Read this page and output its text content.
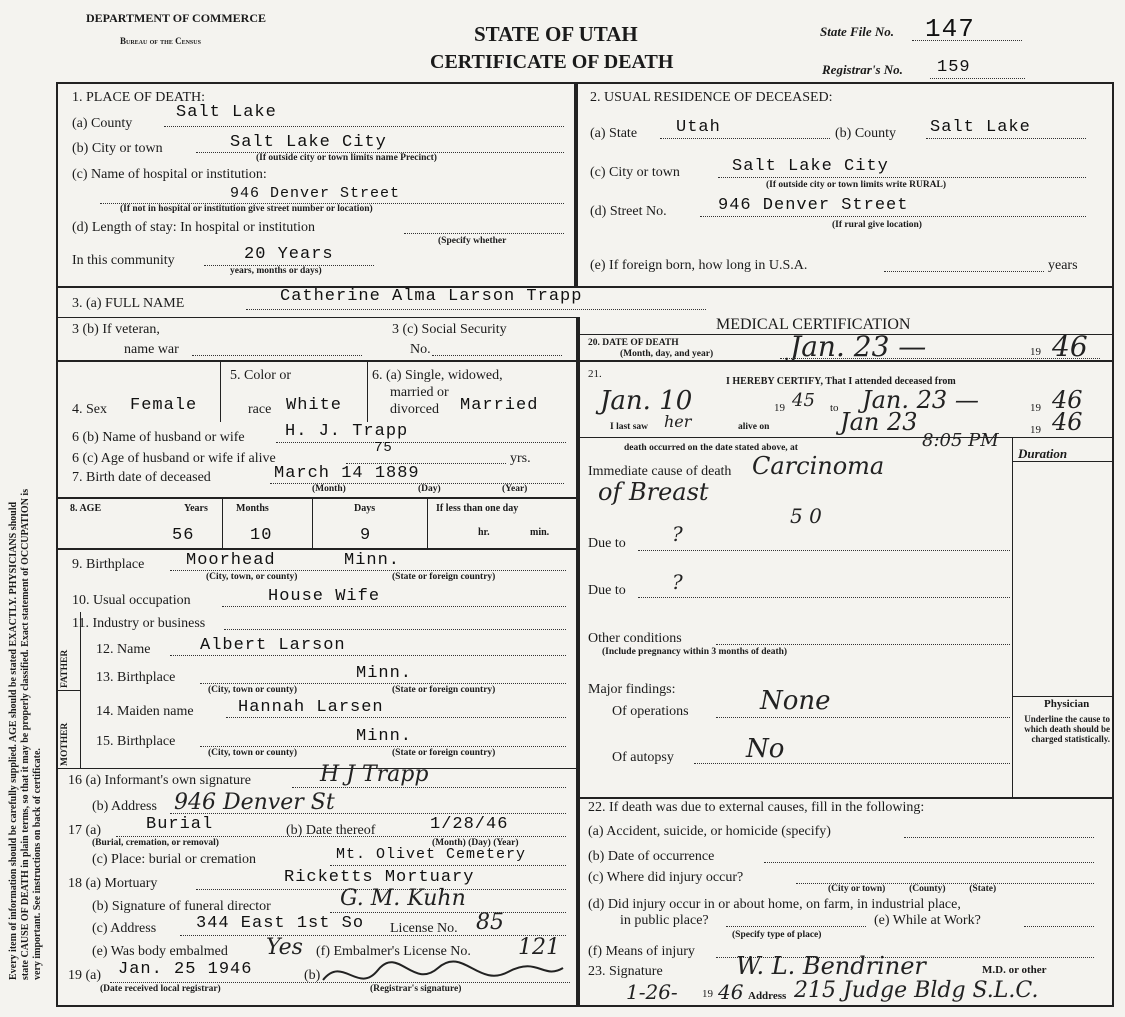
Every item of information should be carefully supplied. AGE should be stated EXACTLY. PHYSICIANS should state CAUSE OF DEATH in plain terms, so that it may be properly classified. Exact statement of OCCUPATION is very important. See instructions on back of certificate.
DEPARTMENT OF COMMERCE
Bureau of the Census	STATE OF UTAH
CERTIFICATE OF DEATH
State File No. 147
Registrar's No. 159
1. PLACE OF DEATH:
(a) County
Salt Lake
(b) City or town	Salt Lake City
(If outside city or town limits name Precinct)
(c) Name of hospital or institution:
946 Denver Street
(If not in hospital or institution give street number or location)
(d) Length of stay: In hospital or institution
(Specify whether
In this community	20 Years
years, months or days)
2. USUAL RESIDENCE OF DECEASED:
(a) State Utah	(b) County Salt Lake
(c) City or town	Salt Lake City
(If outside city or town limits write RURAL)
(d) Street No.	946 Denver Street
(If rural give location)
(e) If foreign born, how long in U.S.A.	years
3. (a) FULL NAME	Catherine Alma Larson Trapp
3 (b) If veteran,
name war
3 (c) Social Security
No.
4. Sex Female
5. Color or
race White
6. (a) Single, widowed,
married or
divorced Married
6 (b) Name of husband or wife H. J. Trapp
6 (c) Age of husband or wife if alive
75
yrs.
7. Birth date of deceased	March 14 1889
(Month)	(Day)	(Year)
8. AGE	Years	Months	Days	If less than one day
56	10	9	hr.	min.
9. Birthplace Moorhead	Minn.
(City, town, or county)	(State or foreign country)
10. Usual occupation	House Wife
11. Industry or business
FATHER
MOTHER
12. Name	Albert Larson
13. Birthplace	Minn.
(City, town or county)	(State or foreign country)
14. Maiden name	Hannah Larsen
15. Birthplace	Minn.
(City, town or county)	(State or foreign country)
16 (a) Informant's own signature	H J Trapp
(b) Address 946 Denver St
17 (a)	Burial	(b) Date thereof	1/28/46
(Burial, cremation, or removal)	(Month) (Day) (Year)
(c) Place: burial or cremation	Mt. Olivet Cemetery
18 (a) Mortuary	Ricketts Mortuary
(b) Signature of funeral director	G. M. Kuhn
(c) Address 344 East 1st So License No. 85
(e) Was body embalmed Yes (f) Embalmer's License No. 121
19 (a) Jan. 25 1946	(b)
(Date received local registrar)	(Registrar's signature)
MEDICAL CERTIFICATION
20. DATE OF DEATH
(Month, day, and year)	Jan. 23 —	19 46
21.
I HEREBY CERTIFY, That I attended deceased from
Jan. 10	19 45 to Jan. 23 —	19 46
I last saw her	alive on	Jan 23	19 46
death occurred on the date stated above, at	8:05 PM
Duration
Immediate cause of death Carcinoma
of Breast
5 0
Due to ?
Due to ?
Other conditions
(Include pregnancy within 3 months of death)
Major findings:
Of operations	None
Of autopsy	No
Physician
Underline the cause to which death should be charged statistically.
22. If death was due to external causes, fill in the following:
(a) Accident, suicide, or homicide (specify)
(b) Date of occurrence
(c) Where did injury occur?
(City or town)          (County)          (State)
(d) Did injury occur in or about home, on farm, in industrial place,
in public place?	(e) While at Work?
(Specify type of place)
(f) Means of injury
23. Signature	W. L. Bendriner	M.D. or other
1-26- 19 46 Address 215 Judge Bldg S.L.C.
